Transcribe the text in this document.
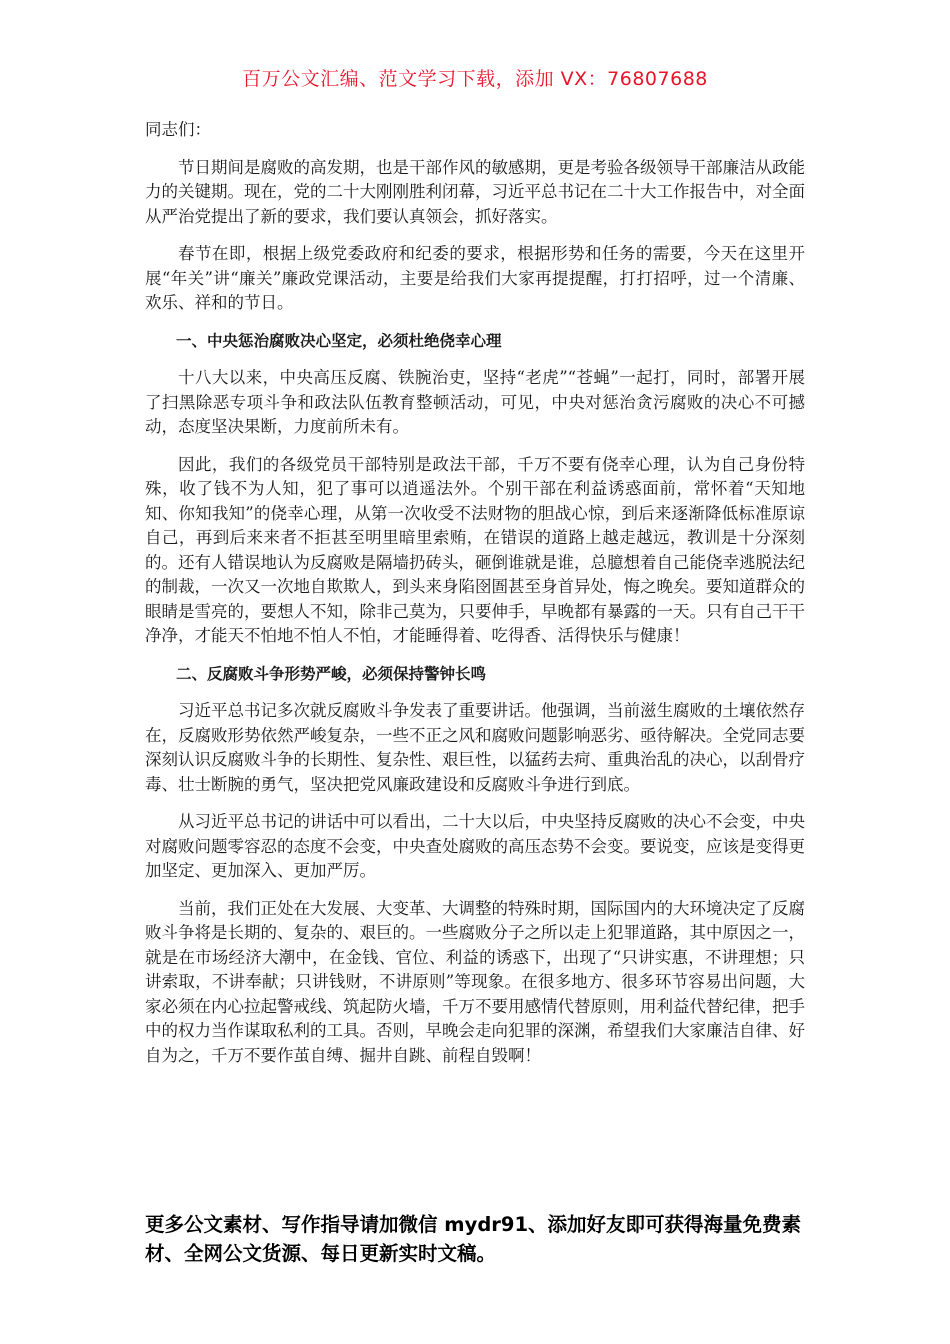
百万公文汇编、范文学习下载，添加 VX：76807688

同志们：

节日期间是腐败的高发期，也是干部作风的敏感期，更是考验各级领导干部廉洁从政能力的关键期。现在，党的二十大刚刚胜利闭幕，习近平总书记在二十大工作报告中，对全面从严治党提出了新的要求，我们要认真领会，抓好落实。

春节在即，根据上级党委政府和纪委的要求，根据形势和任务的需要，今天在这里开展“年关”讲“廉关”廉政党课活动，主要是给我们大家再提提醒，打打招呼，过一个清廉、欢乐、祥和的节日。

一、中央惩治腐败决心坚定，必须杜绝侥幸心理

十八大以来，中央高压反腐、铁腕治吏，坚持“老虎”“苍蝇”一起打，同时，部署开展了扫黑除恶专项斗争和政法队伍教育整顿活动，可见，中央对惩治贪污腐败的决心不可撼动，态度坚决果断，力度前所未有。

因此，我们的各级党员干部特别是政法干部，千万不要有侥幸心理，认为自己身份特殊，收了钱不为人知，犯了事可以逍遥法外。个别干部在利益诱惑面前，常怀着“天知地知、你知我知”的侥幸心理，从第一次收受不法财物的胆战心惊，到后来逐渐降低标准原谅自己，再到后来来者不拒甚至明里暗里索贿，在错误的道路上越走越远，教训是十分深刻的。还有人错误地认为反腐败是隔墙扔砖头，砸倒谁就是谁，总臆想着自己能侥幸逃脱法纪的制裁，一次又一次地自欺欺人，到头来身陷囹圄甚至身首异处，悔之晚矣。要知道群众的眼睛是雪亮的，要想人不知，除非己莫为，只要伸手，早晚都有暴露的一天。只有自己干干净净，才能天不怕地不怕人不怕，才能睡得着、吃得香、活得快乐与健康！

二、反腐败斗争形势严峻，必须保持警钟长鸣

习近平总书记多次就反腐败斗争发表了重要讲话。他强调，当前滋生腐败的土壤依然存在，反腐败形势依然严峻复杂，一些不正之风和腐败问题影响恶劣、亟待解决。全党同志要深刻认识反腐败斗争的长期性、复杂性、艰巨性，以猛药去疴、重典治乱的决心，以刮骨疗毒、壮士断腕的勇气，坚决把党风廉政建设和反腐败斗争进行到底。

从习近平总书记的讲话中可以看出，二十大以后，中央坚持反腐败的决心不会变，中央对腐败问题零容忍的态度不会变，中央查处腐败的高压态势不会变。要说变，应该是变得更加坚定、更加深入、更加严厉。

当前，我们正处在大发展、大变革、大调整的特殊时期，国际国内的大环境决定了反腐败斗争将是长期的、复杂的、艰巨的。一些腐败分子之所以走上犯罪道路，其中原因之一，就是在市场经济大潮中，在金钱、官位、利益的诱惑下，出现了“只讲实惠，不讲理想；只讲索取，不讲奉献；只讲钱财，不讲原则”等现象。在很多地方、很多环节容易出问题，大家必须在内心拉起警戒线、筑起防火墙，千万不要用感情代替原则，用利益代替纪律，把手中的权力当作谋取私利的工具。否则，早晚会走向犯罪的深渊，希望我们大家廉洁自律、好自为之，千万不要作茧自缚、掘井自跳、前程自毁啊！

更多公文素材、写作指导请加微信 mydr91、添加好友即可获得海量免费素材、全网公文货源、每日更新实时文稿。
